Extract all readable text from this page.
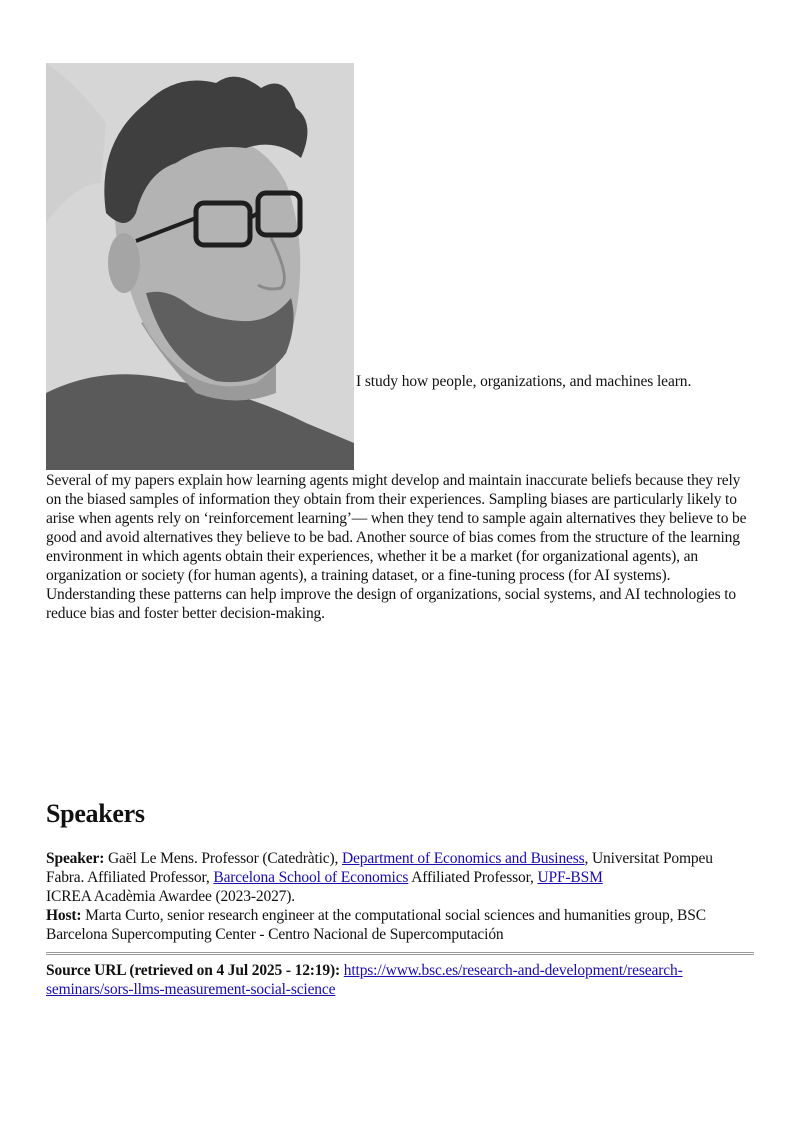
I study how people, organizations, and machines learn.

Several of my papers explain how learning agents might develop and maintain inaccurate beliefs because they rely on the biased samples of information they obtain from their experiences. Sampling biases are particularly likely to arise when agents rely on ‘reinforcement learning’— when they tend to sample again alternatives they believe to be good and avoid alternatives they believe to be bad. Another source of bias comes from the structure of the learning environment in which agents obtain their experiences, whether it be a market (for organizational agents), an organization or society (for human agents), a training dataset, or a fine-tuning process (for AI systems). Understanding these patterns can help improve the design of organizations, social systems, and AI technologies to reduce bias and foster better decision-making.

Speakers

Speaker: Gaël Le Mens. Professor (Catedràtic), Department of Economics and Business, Universitat Pompeu Fabra. Affiliated Professor, Barcelona School of Economics Affiliated Professor, UPF-BSM
ICREA Acadèmia Awardee (2023-2027).

Host: Marta Curto, senior research engineer at the computational social sciences and humanities group, BSC Barcelona Supercomputing Center - Centro Nacional de Supercomputación

Source URL (retrieved on 4 Jul 2025 - 12:19): https://www.bsc.es/research-and-development/research-seminars/sors-llms-measurement-social-science
